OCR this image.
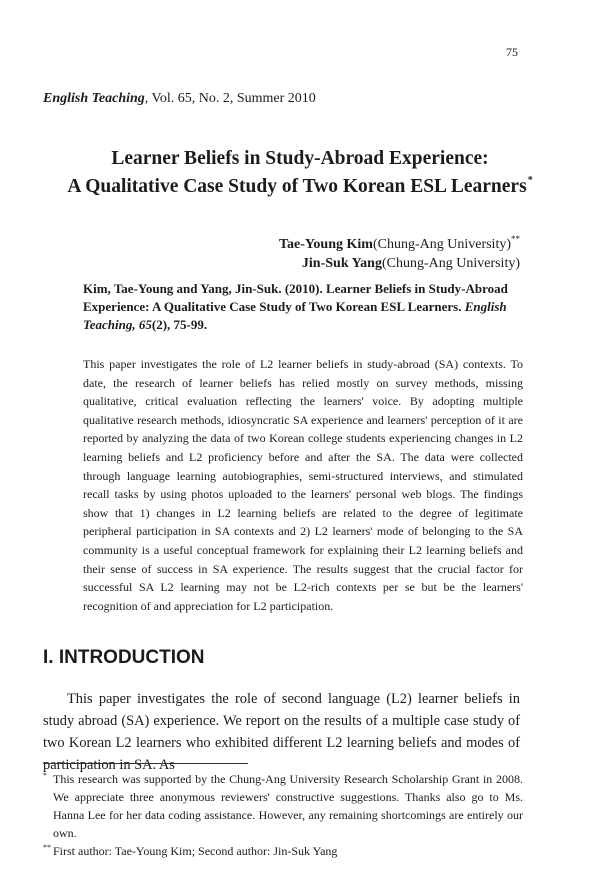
75
English Teaching, Vol. 65, No. 2, Summer 2010
Learner Beliefs in Study-Abroad Experience:
A Qualitative Case Study of Two Korean ESL Learners*
Tae-Young Kim(Chung-Ang University)**
Jin-Suk Yang(Chung-Ang University)
Kim, Tae-Young and Yang, Jin-Suk. (2010). Learner Beliefs in Study-Abroad Experience: A Qualitative Case Study of Two Korean ESL Learners. English Teaching, 65(2), 75-99.
This paper investigates the role of L2 learner beliefs in study-abroad (SA) contexts. To date, the research of learner beliefs has relied mostly on survey methods, missing qualitative, critical evaluation reflecting the learners' voice. By adopting multiple qualitative research methods, idiosyncratic SA experience and learners' perception of it are reported by analyzing the data of two Korean college students experiencing changes in L2 learning beliefs and L2 proficiency before and after the SA. The data were collected through language learning autobiographies, semi-structured interviews, and stimulated recall tasks by using photos uploaded to the learners' personal web blogs. The findings show that 1) changes in L2 learning beliefs are related to the degree of legitimate peripheral participation in SA contexts and 2) L2 learners' mode of belonging to the SA community is a useful conceptual framework for explaining their L2 learning beliefs and their sense of success in SA experience. The results suggest that the crucial factor for successful SA L2 learning may not be L2-rich contexts per se but be the learners' recognition of and appreciation for L2 participation.
I. INTRODUCTION
This paper investigates the role of second language (L2) learner beliefs in study abroad (SA) experience. We report on the results of a multiple case study of two Korean L2 learners who exhibited different L2 learning beliefs and modes of participation in SA. As
* This research was supported by the Chung-Ang University Research Scholarship Grant in 2008. We appreciate three anonymous reviewers' constructive suggestions. Thanks also go to Ms. Hanna Lee for her data coding assistance. However, any remaining shortcomings are entirely our own.
** First author: Tae-Young Kim; Second author: Jin-Suk Yang
